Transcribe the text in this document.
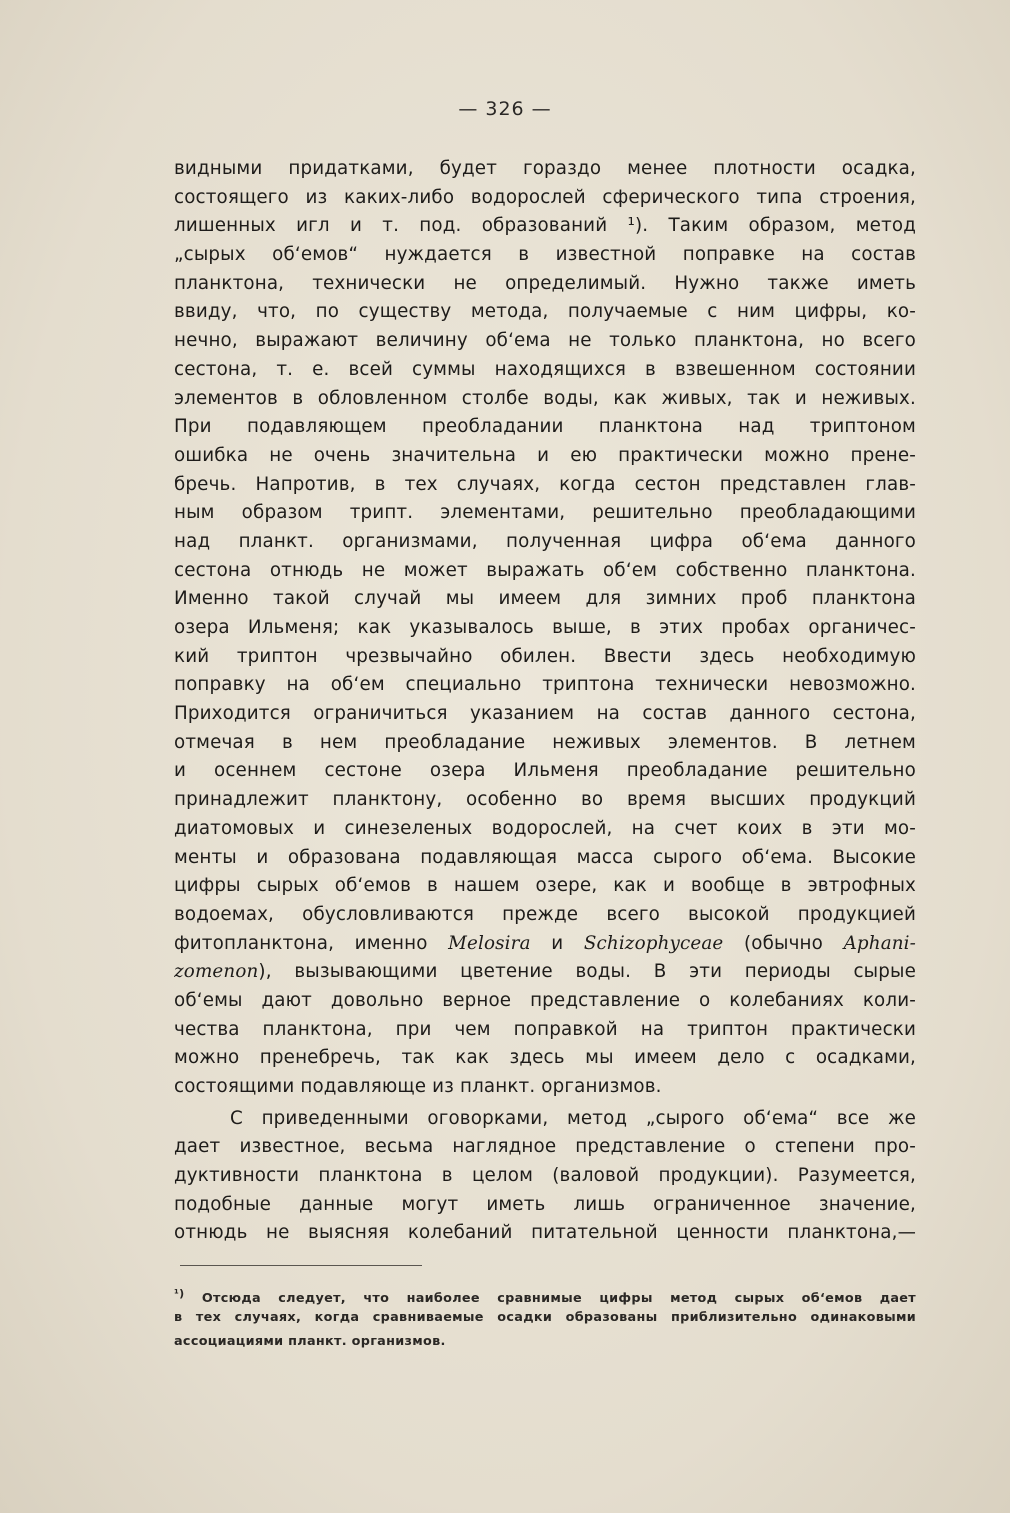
— 326 —
видными придатками, будет гораздо менее плотности осадка,
состоящего из каких-либо водорослей сферического типа строения,
лишенных игл и т. под. образований ¹). Таким образом, метод
„сырых об‘емов“ нуждается в известной поправке на состав
планктона, технически не определимый. Нужно также иметь
ввиду, что, по существу метода, получаемые с ним цифры, ко-
нечно, выражают величину об‘ема не только планктона, но всего
сестона, т. е. всей суммы находящихся в взвешенном состоянии
элементов в обловленном столбе воды, как живых, так и неживых.
При подавляющем преобладании планктона над триптоном
ошибка не очень значительна и ею практически можно прене-
бречь. Напротив, в тех случаях, когда сестон представлен глав-
ным образом трипт. элементами, решительно преобладающими
над планкт. организмами, полученная цифра об‘ема данного
сестона отнюдь не может выражать об‘ем собственно планктона.
Именно такой случай мы имеем для зимних проб планктона
озера Ильменя; как указывалось выше, в этих пробах органичес-
кий триптон чрезвычайно обилен. Ввести здесь необходимую
поправку на об‘ем специально триптона технически невозможно.
Приходится ограничиться указанием на состав данного сестона,
отмечая в нем преобладание неживых элементов. В летнем
и осеннем сестоне озера Ильменя преобладание решительно
принадлежит планктону, особенно во время высших продукций
диатомовых и синезеленых водорослей, на счет коих в эти мо-
менты и образована подавляющая масса сырого об‘ема. Высокие
цифры сырых об‘емов в нашем озере, как и вообще в эвтрофных
водоемах, обусловливаются прежде всего высокой продукцией
фитопланктона, именно Melosira и Schizophyceae (обычно Aphani-
zomenon), вызывающими цветение воды. В эти периоды сырые
об‘емы дают довольно верное представление о колебаниях коли-
чества планктона, при чем поправкой на триптон практически
можно пренебречь, так как здесь мы имеем дело с осадками,
состоящими подавляюще из планкт. организмов.
С приведенными оговорками, метод „сырого об‘ема“ все же
дает известное, весьма наглядное представление о степени про-
дуктивности планктона в целом (валовой продукции). Разумеется,
подобные данные могут иметь лишь ограниченное значение,
отнюдь не выясняя колебаний питательной ценности планктона,—
¹) Отсюда следует, что наиболее сравнимые цифры метод сырых об‘емов дает
в тех случаях, когда сравниваемые осадки образованы приблизительно одинаковыми
ассоциациями планкт. организмов.
